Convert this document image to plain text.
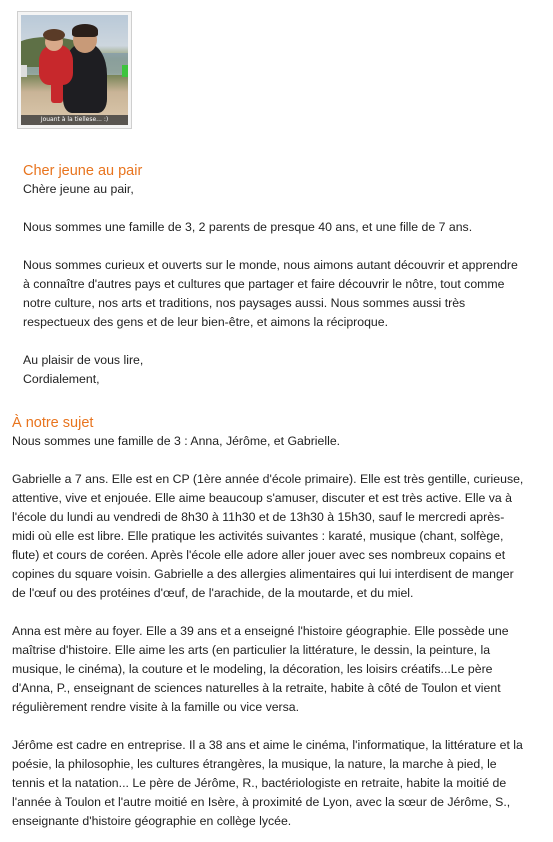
Jouant à la tiellese... :)
Cher jeune au pair

Chère jeune au pair,

Nous sommes une famille de 3, 2 parents de presque 40 ans, et une fille de 7 ans.

Nous sommes curieux et ouverts sur le monde, nous aimons autant découvrir et apprendre à connaître d'autres pays et cultures que partager et faire découvrir le nôtre, tout comme notre culture, nos arts et traditions, nos paysages aussi. Nous sommes aussi très respectueux des gens et de leur bien-être, et aimons la réciproque.

Au plaisir de vous lire,
Cordialement,

À notre sujet

Nous sommes une famille de 3 : Anna, Jérôme, et Gabrielle.

Gabrielle a 7 ans. Elle est en CP (1ère année d'école primaire). Elle est très gentille, curieuse, attentive, vive et enjouée. Elle aime beaucoup s'amuser, discuter et est très active. Elle va à l'école du lundi au vendredi de 8h30 à 11h30 et de 13h30 à 15h30, sauf le mercredi après-midi où elle est libre. Elle pratique les activités suivantes : karaté, musique (chant, solfège, flute) et cours de coréen. Après l'école elle adore aller jouer avec ses nombreux copains et copines du square voisin. Gabrielle a des allergies alimentaires qui lui interdisent de manger de l'œuf ou des protéines d'œuf, de l'arachide, de la moutarde, et du miel.

Anna est mère au foyer. Elle a 39 ans et a enseigné l'histoire géographie. Elle possède une maîtrise d'histoire. Elle aime les arts (en particulier la littérature, le dessin, la peinture, la musique, le cinéma), la couture et le modeling, la décoration, les loisirs créatifs...Le père d'Anna, P., enseignant de sciences naturelles à la retraite, habite à côté de Toulon et vient régulièrement rendre visite à la famille ou vice versa.

Jérôme est cadre en entreprise. Il a 38 ans et aime le cinéma, l'informatique, la littérature et la poésie, la philosophie, les cultures étrangères, la musique, la nature, la marche à pied, le tennis et la natation... Le père de Jérôme, R., bactériologiste en retraite, habite la moitié de l'année à Toulon et l'autre moitié en Isère, à proximité de Lyon, avec la sœur de Jérôme, S., enseignante d'histoire géographie en collège lycée.
